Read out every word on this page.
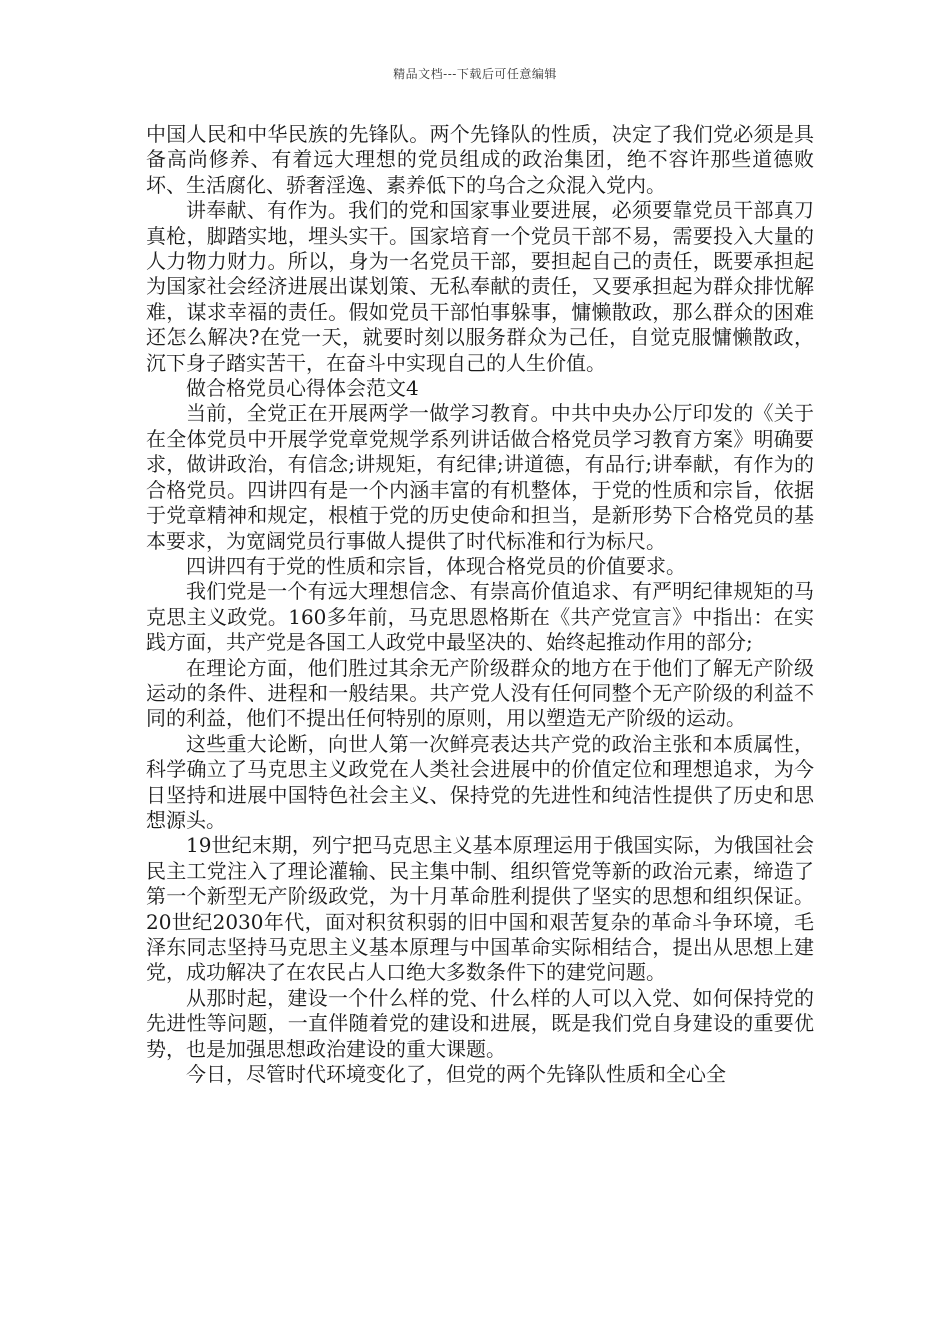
精品文档---下载后可任意编辑

中国人民和中华民族的先锋队。两个先锋队的性质，决定了我们党必须是具备高尚修养、有着远大理想的党员组成的政治集团，绝不容许那些道德败坏、生活腐化、骄奢淫逸、素养低下的乌合之众混入党内。

讲奉献、有作为。我们的党和国家事业要进展，必须要靠党员干部真刀真枪，脚踏实地，埋头实干。国家培育一个党员干部不易，需要投入大量的人力物力财力。所以，身为一名党员干部，要担起自己的责任，既要承担起为国家社会经济进展出谋划策、无私奉献的责任，又要承担起为群众排忧解难，谋求幸福的责任。假如党员干部怕事躲事，慵懒散政，那么群众的困难还怎么解决?在党一天，就要时刻以服务群众为己任，自觉克服慵懒散政，沉下身子踏实苦干，在奋斗中实现自己的人生价值。

做合格党员心得体会范文4

当前，全党正在开展两学一做学习教育。中共中央办公厅印发的《关于在全体党员中开展学党章党规学系列讲话做合格党员学习教育方案》明确要求，做讲政治，有信念;讲规矩，有纪律;讲道德，有品行;讲奉献，有作为的合格党员。四讲四有是一个内涵丰富的有机整体，于党的性质和宗旨，依据于党章精神和规定，根植于党的历史使命和担当，是新形势下合格党员的基本要求，为宽阔党员行事做人提供了时代标准和行为标尺。

四讲四有于党的性质和宗旨，体现合格党员的价值要求。

我们党是一个有远大理想信念、有崇高价值追求、有严明纪律规矩的马克思主义政党。160多年前，马克思恩格斯在《共产党宣言》中指出：在实践方面，共产党是各国工人政党中最坚决的、始终起推动作用的部分;

在理论方面，他们胜过其余无产阶级群众的地方在于他们了解无产阶级运动的条件、进程和一般结果。共产党人没有任何同整个无产阶级的利益不同的利益，他们不提出任何特别的原则，用以塑造无产阶级的运动。

这些重大论断，向世人第一次鲜亮表达共产党的政治主张和本质属性，科学确立了马克思主义政党在人类社会进展中的价值定位和理想追求，为今日坚持和进展中国特色社会主义、保持党的先进性和纯洁性提供了历史和思想源头。

19世纪末期，列宁把马克思主义基本原理运用于俄国实际，为俄国社会民主工党注入了理论灌输、民主集中制、组织管党等新的政治元素，缔造了第一个新型无产阶级政党，为十月革命胜利提供了坚实的思想和组织保证。20世纪2030年代，面对积贫积弱的旧中国和艰苦复杂的革命斗争环境，毛泽东同志坚持马克思主义基本原理与中国革命实际相结合，提出从思想上建党，成功解决了在农民占人口绝大多数条件下的建党问题。

从那时起，建设一个什么样的党、什么样的人可以入党、如何保持党的先进性等问题，一直伴随着党的建设和进展，既是我们党自身建设的重要优势，也是加强思想政治建设的重大课题。

今日，尽管时代环境变化了，但党的两个先锋队性质和全心全
